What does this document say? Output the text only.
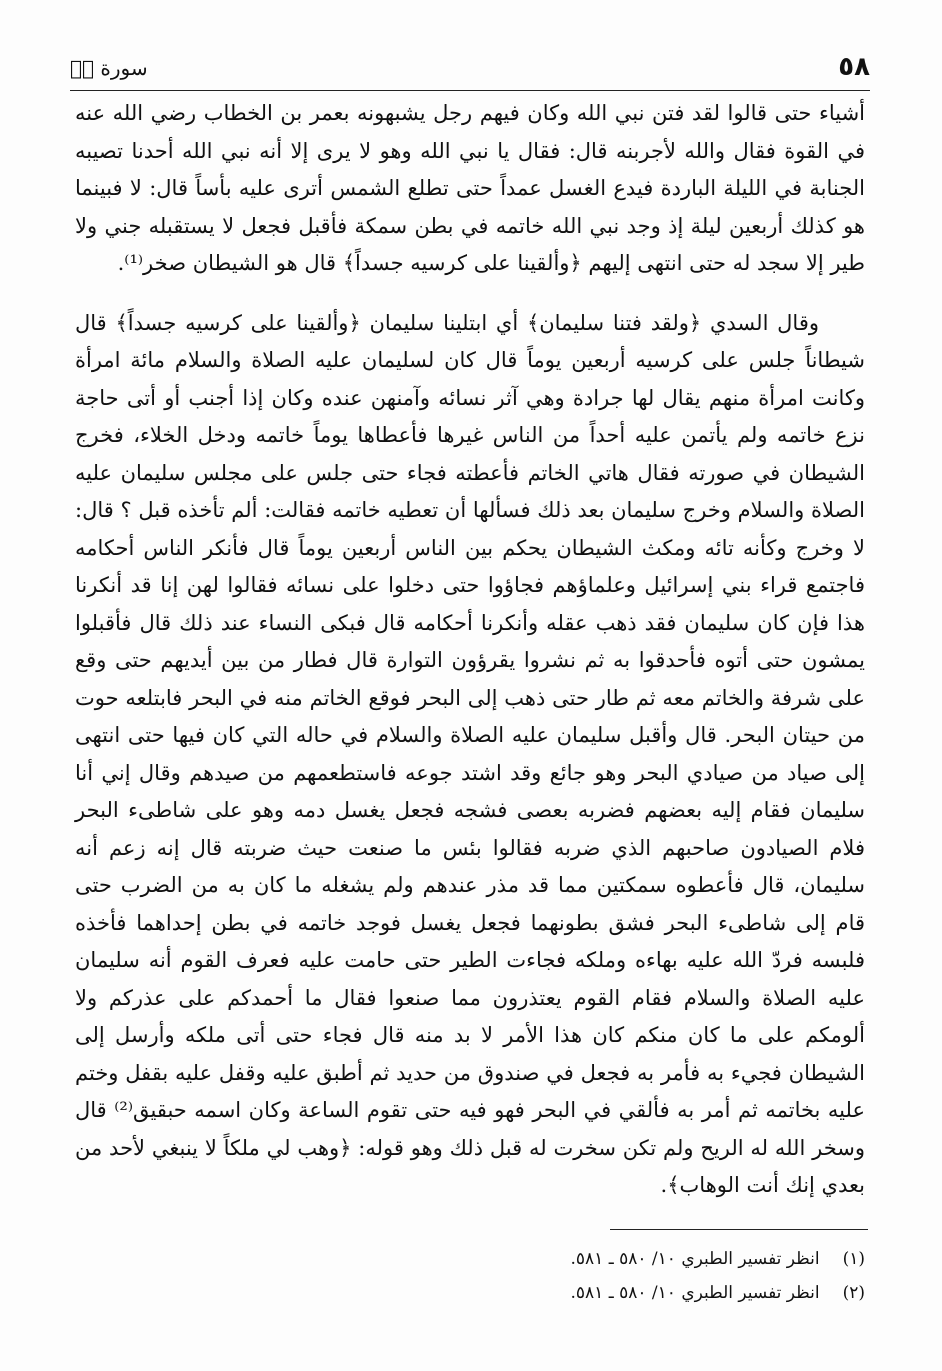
٥٨
سورة صۤ

أشياء حتى قالوا لقد فتن نبي الله وكان فيهم رجل يشبهونه بعمر بن الخطاب رضي الله عنه في القوة فقال والله لأجربنه قال: فقال يا نبي الله وهو لا يرى إلا أنه نبي الله أحدنا تصيبه الجنابة في الليلة الباردة فيدع الغسل عمداً حتى تطلع الشمس أترى عليه بأساً قال: لا فبينما هو كذلك أربعين ليلة إذ وجد نبي الله خاتمه في بطن سمكة فأقبل فجعل لا يستقبله جني ولا طير إلا سجد له حتى انتهى إليهم ﴿وألقينا على كرسيه جسداً﴾ قال هو الشيطان صخر⁽¹⁾.

وقال السدي ﴿ولقد فتنا سليمان﴾ أي ابتلينا سليمان ﴿وألقينا على كرسيه جسداً﴾ قال شيطاناً جلس على كرسيه أربعين يوماً قال كان لسليمان عليه الصلاة والسلام مائة امرأة وكانت امرأة منهم يقال لها جرادة وهي آثر نسائه وآمنهن عنده وكان إذا أجنب أو أتى حاجة نزع خاتمه ولم يأتمن عليه أحداً من الناس غيرها فأعطاها يوماً خاتمه ودخل الخلاء، فخرج الشيطان في صورته فقال هاتي الخاتم فأعطته فجاء حتى جلس على مجلس سليمان عليه الصلاة والسلام وخرج سليمان بعد ذلك فسألها أن تعطيه خاتمه فقالت: ألم تأخذه قبل ؟ قال: لا وخرج وكأنه تائه ومكث الشيطان يحكم بين الناس أربعين يوماً قال فأنكر الناس أحكامه فاجتمع قراء بني إسرائيل وعلماؤهم فجاؤوا حتى دخلوا على نسائه فقالوا لهن إنا قد أنكرنا هذا فإن كان سليمان فقد ذهب عقله وأنكرنا أحكامه قال فبكى النساء عند ذلك قال فأقبلوا يمشون حتى أتوه فأحدقوا به ثم نشروا يقرؤون التوارة قال فطار من بين أيديهم حتى وقع على شرفة والخاتم معه ثم طار حتى ذهب إلى البحر فوقع الخاتم منه في البحر فابتلعه حوت من حيتان البحر. قال وأقبل سليمان عليه الصلاة والسلام في حاله التي كان فيها حتى انتهى إلى صياد من صيادي البحر وهو جائع وقد اشتد جوعه فاستطعمهم من صيدهم وقال إني أنا سليمان فقام إليه بعضهم فضربه بعصى فشجه فجعل يغسل دمه وهو على شاطىء البحر فلام الصيادون صاحبهم الذي ضربه فقالوا بئس ما صنعت حيث ضربته قال إنه زعم أنه سليمان، قال فأعطوه سمكتين مما قد مذر عندهم ولم يشغله ما كان به من الضرب حتى قام إلى شاطىء البحر فشق بطونهما فجعل يغسل فوجد خاتمه في بطن إحداهما فأخذه فلبسه فردّ الله عليه بهاءه وملكه فجاءت الطير حتى حامت عليه فعرف القوم أنه سليمان عليه الصلاة والسلام فقام القوم يعتذرون مما صنعوا فقال ما أحمدكم على عذركم ولا ألومكم على ما كان منكم كان هذا الأمر لا بد منه قال فجاء حتى أتى ملكه وأرسل إلى الشيطان فجيء به فأمر به فجعل في صندوق من حديد ثم أطبق عليه وقفل عليه بقفل وختم عليه بخاتمه ثم أمر به فألقي في البحر فهو فيه حتى تقوم الساعة وكان اسمه حبقيق⁽²⁾ قال وسخر الله له الريح ولم تكن سخرت له قبل ذلك وهو قوله: ﴿وهب لي ملكاً لا ينبغي لأحد من بعدي إنك أنت الوهاب﴾.

(١) انظر تفسير الطبري ١٠/ ٥٨٠ ـ ٥٨١.
(٢) انظر تفسير الطبري ١٠/ ٥٨٠ ـ ٥٨١.
